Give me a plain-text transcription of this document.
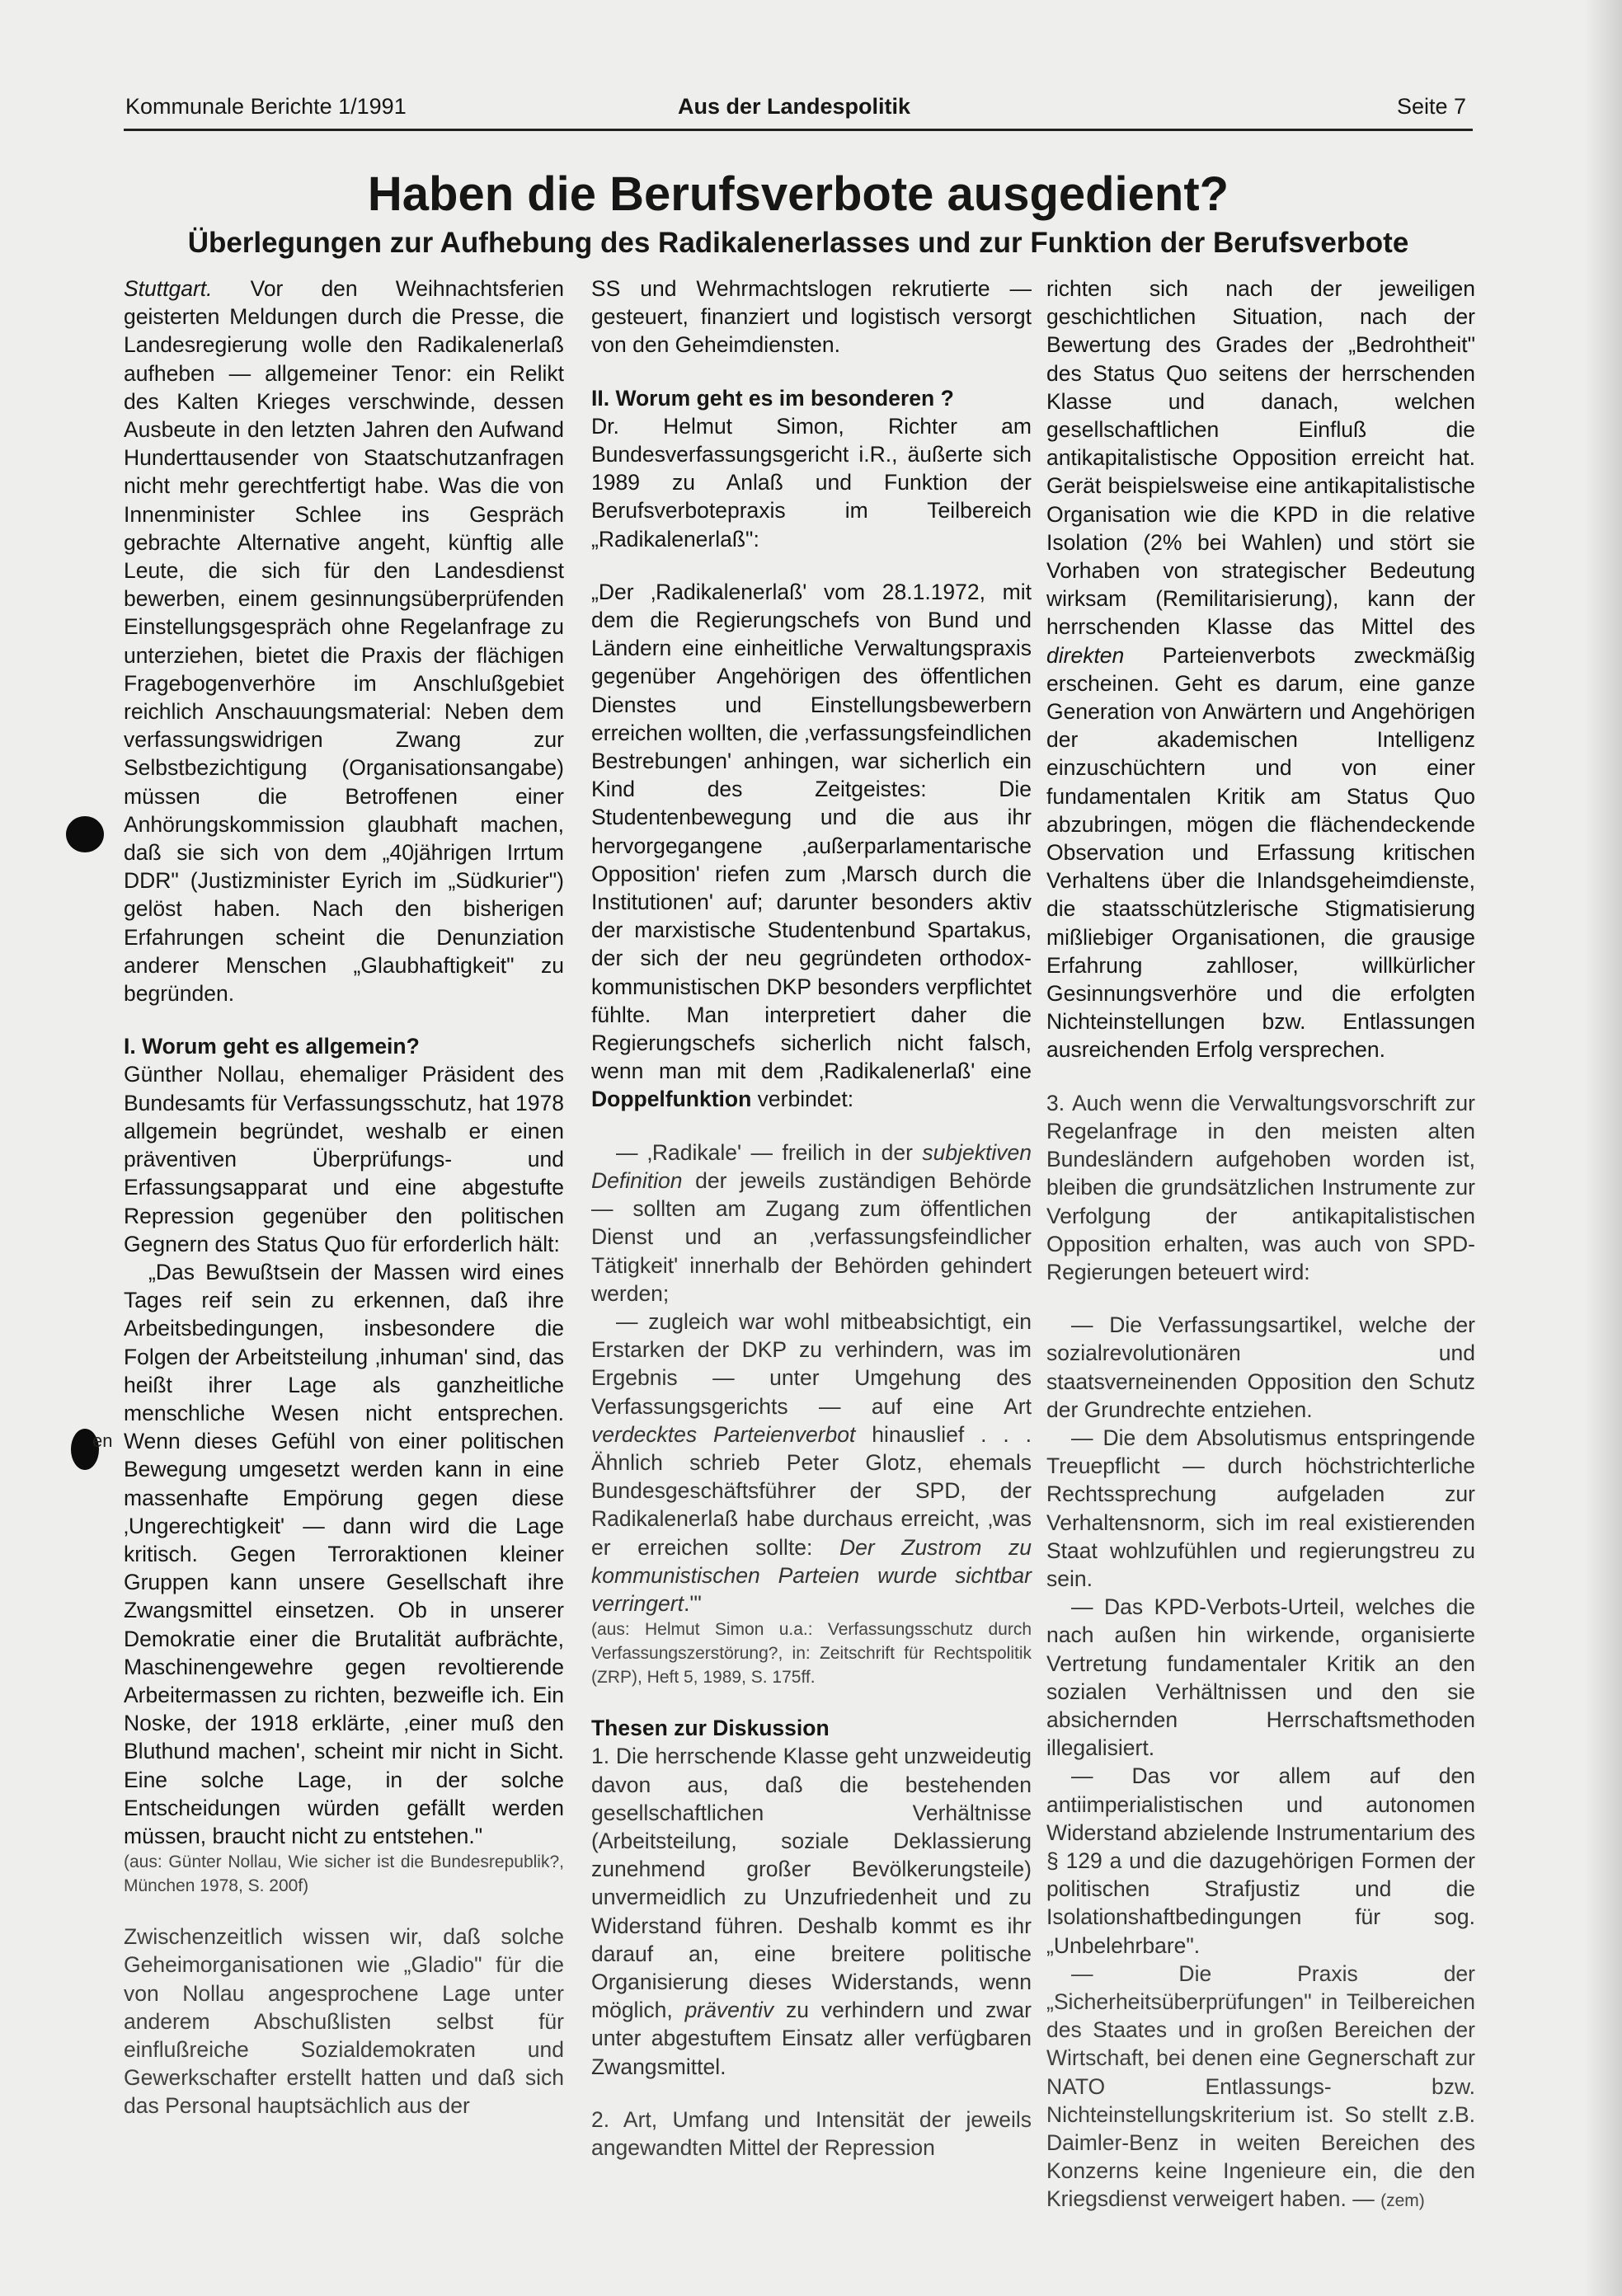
Kommunale Berichte 1/1991	Aus der Landespolitik	Seite 7
Haben die Berufsverbote ausgedient?
Überlegungen zur Aufhebung des Radikalenerlasses und zur Funktion der Berufsverbote

Stuttgart. Vor den Weihnachtsferien geisterten Meldungen durch die Presse, die Landesregierung wolle den Radikalenerlaß aufheben — allgemeiner Tenor: ein Relikt des Kalten Krieges verschwinde, dessen Ausbeute in den letzten Jahren den Aufwand Hunderttausender von Staatschutzanfragen nicht mehr gerechtfertigt habe. Was die von Innenminister Schlee ins Gespräch gebrachte Alternative angeht, künftig alle Leute, die sich für den Landesdienst bewerben, einem gesinnungsüberprüfenden Einstellungsgespräch ohne Regelanfrage zu unterziehen, bietet die Praxis der flächigen Fragebogenverhöre im Anschlußgebiet reichlich Anschauungsmaterial: Neben dem verfassungswidrigen Zwang zur Selbstbezichtigung (Organisationsangabe) müssen die Betroffenen einer Anhörungskommission glaubhaft machen, daß sie sich von dem „40jährigen Irrtum DDR" (Justizminister Eyrich im „Südkurier") gelöst haben. Nach den bisherigen Erfahrungen scheint die Denunziation anderer Menschen „Glaubhaftigkeit" zu begründen.

I. Worum geht es allgemein?

Günther Nollau, ehemaliger Präsident des Bundesamts für Verfassungsschutz, hat 1978 allgemein begründet, weshalb er einen präventiven Überprüfungs- und Erfassungsapparat und eine abgestufte Repression gegenüber den politischen Gegnern des Status Quo für erforderlich hält:

„Das Bewußtsein der Massen wird eines Tages reif sein zu erkennen, daß ihre Arbeitsbedingungen, insbesondere die Folgen der Arbeitsteilung ‚inhuman' sind, das heißt ihrer Lage als ganzheitliche menschliche Wesen nicht entsprechen. Wenn dieses Gefühl von einer politischen Bewegung umgesetzt werden kann in eine massenhafte Empörung gegen diese ‚Ungerechtigkeit' — dann wird die Lage kritisch. Gegen Terroraktionen kleiner Gruppen kann unsere Gesellschaft ihre Zwangsmittel einsetzen. Ob in unserer Demokratie einer die Brutalität aufbrächte, Maschinengewehre gegen revoltierende Arbeitermassen zu richten, bezweifle ich. Ein Noske, der 1918 erklärte, ‚einer muß den Bluthund machen', scheint mir nicht in Sicht. Eine solche Lage, in der solche Entscheidungen würden gefällt werden müssen, braucht nicht zu entstehen."

(aus: Günter Nollau, Wie sicher ist die Bundesrepublik?, München 1978, S. 200f)

Zwischenzeitlich wissen wir, daß solche Geheimorganisationen wie „Gladio" für die von Nollau angesprochene Lage unter anderem Abschußlisten selbst für einflußreiche Sozialdemokraten und Gewerkschafter erstellt hatten und daß sich das Personal hauptsächlich aus der

SS und Wehrmachtslogen rekrutierte — gesteuert, finanziert und logistisch versorgt von den Geheimdiensten.

II. Worum geht es im besonderen ?

Dr. Helmut Simon, Richter am Bundesverfassungsgericht i.R., äußerte sich 1989 zu Anlaß und Funktion der Berufsverbotepraxis im Teilbereich „Radikalenerlaß":

„Der ‚Radikalenerlaß' vom 28.1.1972, mit dem die Regierungschefs von Bund und Ländern eine einheitliche Verwaltungspraxis gegenüber Angehörigen des öffentlichen Dienstes und Einstellungsbewerbern erreichen wollten, die ‚verfassungsfeindlichen Bestrebungen' anhingen, war sicherlich ein Kind des Zeitgeistes: Die Studentenbewegung und die aus ihr hervorgegangene ‚außerparlamentarische Opposition' riefen zum ‚Marsch durch die Institutionen' auf; darunter besonders aktiv der marxistische Studentenbund Spartakus, der sich der neu gegründeten orthodox-kommunistischen DKP besonders verpflichtet fühlte. Man interpretiert daher die Regierungschefs sicherlich nicht falsch, wenn man mit dem ‚Radikalenerlaß' eine Doppelfunktion verbindet:

— ‚Radikale' — freilich in der subjektiven Definition der jeweils zuständigen Behörde — sollten am Zugang zum öffentlichen Dienst und an ‚verfassungsfeindlicher Tätigkeit' innerhalb der Behörden gehindert werden;

— zugleich war wohl mitbeabsichtigt, ein Erstarken der DKP zu verhindern, was im Ergebnis — unter Umgehung des Verfassungsgerichts — auf eine Art verdecktes Parteienverbot hinauslief . . . Ähnlich schrieb Peter Glotz, ehemals Bundesgeschäftsführer der SPD, der Radikalenerlaß habe durchaus erreicht, ‚was er erreichen sollte: Der Zustrom zu kommunistischen Parteien wurde sichtbar verringert.'"

(aus: Helmut Simon u.a.: Verfassungsschutz durch Verfassungszerstörung?, in: Zeitschrift für Rechtspolitik (ZRP), Heft 5, 1989, S. 175ff.

Thesen zur Diskussion

1. Die herrschende Klasse geht unzweideutig davon aus, daß die bestehenden gesellschaftlichen Verhältnisse (Arbeitsteilung, soziale Deklassierung zunehmend großer Bevölkerungsteile) unvermeidlich zu Unzufriedenheit und zu Widerstand führen. Deshalb kommt es ihr darauf an, eine breitere politische Organisierung dieses Widerstands, wenn möglich, präventiv zu verhindern und zwar unter abgestuftem Einsatz aller verfügbaren Zwangsmittel.

2. Art, Umfang und Intensität der jeweils angewandten Mittel der Repression

richten sich nach der jeweiligen geschichtlichen Situation, nach der Bewertung des Grades der „Bedrohtheit" des Status Quo seitens der herrschenden Klasse und danach, welchen gesellschaftlichen Einfluß die antikapitalistische Opposition erreicht hat. Gerät beispielsweise eine antikapitalistische Organisation wie die KPD in die relative Isolation (2% bei Wahlen) und stört sie Vorhaben von strategischer Bedeutung wirksam (Remilitarisierung), kann der herrschenden Klasse das Mittel des direkten Parteienverbots zweckmäßig erscheinen. Geht es darum, eine ganze Generation von Anwärtern und Angehörigen der akademischen Intelligenz einzuschüchtern und von einer fundamentalen Kritik am Status Quo abzubringen, mögen die flächendeckende Observation und Erfassung kritischen Verhaltens über die Inlandsgeheimdienste, die staatsschützlerische Stigmatisierung mißliebiger Organisationen, die grausige Erfahrung zahlloser, willkürlicher Gesinnungsverhöre und die erfolgten Nichteinstellungen bzw. Entlassungen ausreichenden Erfolg versprechen.

3. Auch wenn die Verwaltungsvorschrift zur Regelanfrage in den meisten alten Bundesländern aufgehoben worden ist, bleiben die grundsätzlichen Instrumente zur Verfolgung der antikapitalistischen Opposition erhalten, was auch von SPD-Regierungen beteuert wird:

— Die Verfassungsartikel, welche der sozialrevolutionären und staatsverneinenden Opposition den Schutz der Grundrechte entziehen.

— Die dem Absolutismus entspringende Treuepflicht — durch höchstrichterliche Rechtssprechung aufgeladen zur Verhaltensnorm, sich im real existierenden Staat wohlzufühlen und regierungstreu zu sein.

— Das KPD-Verbots-Urteil, welches die nach außen hin wirkende, organisierte Vertretung fundamentaler Kritik an den sozialen Verhältnissen und den sie absichernden Herrschaftsmethoden illegalisiert.

— Das vor allem auf den antiimperialistischen und autonomen Widerstand abzielende Instrumentarium des § 129 a und die dazugehörigen Formen der politischen Strafjustiz und die Isolationshaftbedingungen für sog. „Unbelehrbare".

— Die Praxis der „Sicherheitsüberprüfungen" in Teilbereichen des Staates und in großen Bereichen der Wirtschaft, bei denen eine Gegnerschaft zur NATO Entlassungs- bzw. Nichteinstellungskriterium ist. So stellt z.B. Daimler-Benz in weiten Bereichen des Konzerns keine Ingenieure ein, die den Kriegsdienst verweigert haben. — (zem)

en
